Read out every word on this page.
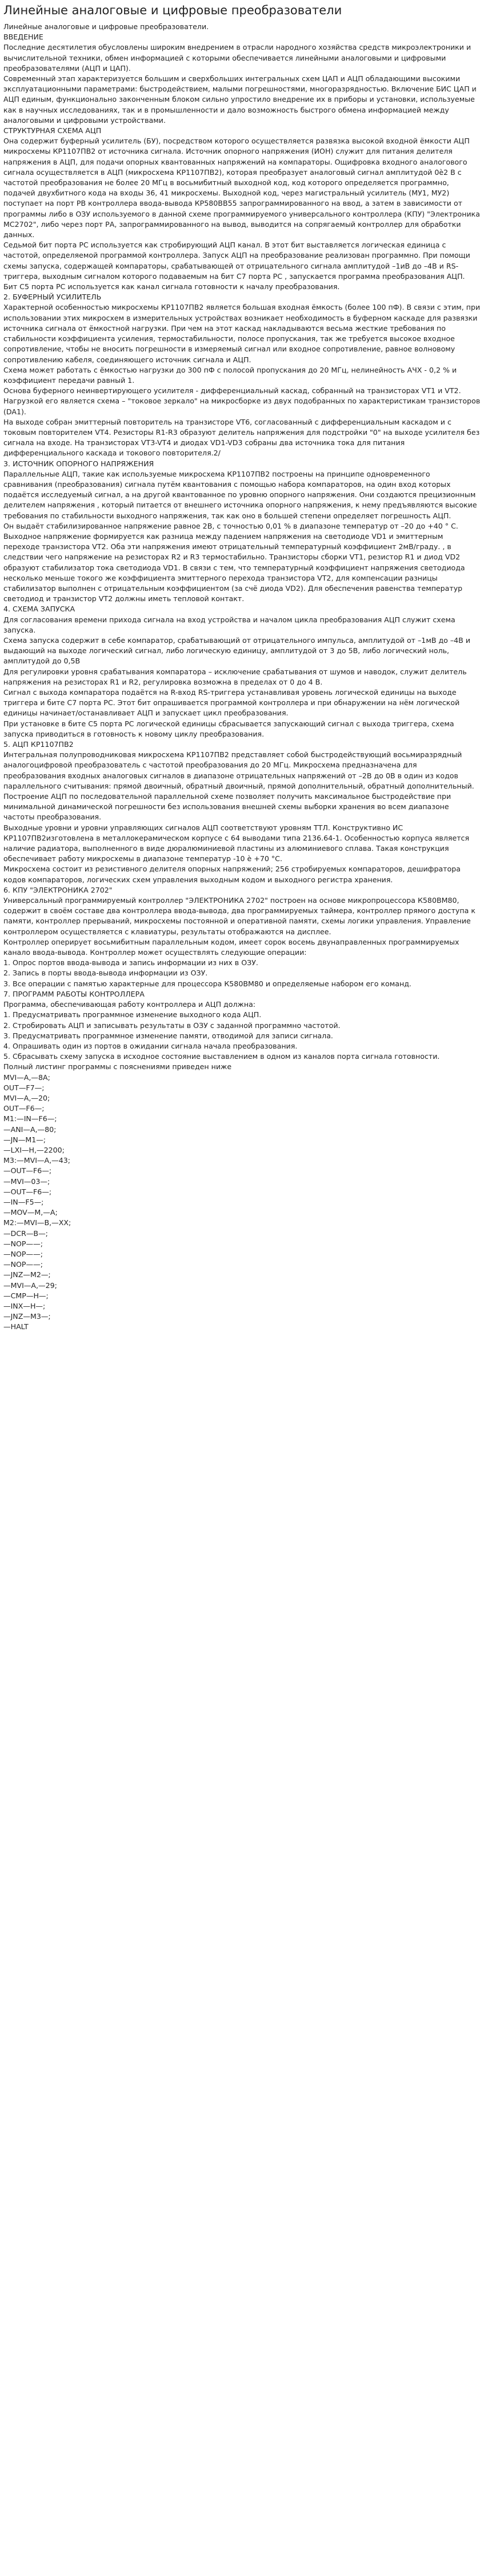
Линейные аналоговые и цифровые преобразователи

Линейные аналоговые и цифровые преобразователи.

ВВЕДЕНИЕ

Последние десятилетия обусловлены широким внедрением в отрасли народного хозяйства средств микроэлектроники и вычислительной техники, обмен информацией с которыми обеспечивается линейными аналоговыми и цифровыми преобразователями (АЦП и ЦАП).

Современный этап характеризуется большим и сверхбольших интегральных схем ЦАП и АЦП обладающими высокими эксплуатационными параметрами: быстродействием, малыми погрешностями, многоразрядностью. Включение БИС ЦАП и АЦП единым, функционально законченным блоком сильно упростило внедрение их в приборы и установки, используемые как в научных исследованиях, так и в промышленности и дало возможность быстрого обмена информацией между аналоговыми и цифровыми устройствами.

СТРУКТУРНАЯ СХЕМА АЦП

Она содержит буферный усилитель (БУ), посредством которого осуществляется развязка высокой входной ёмкости АЦП микросхемы КР1107ПВ2 от источника сигнала. Источник опорного напряжения (ИОН) служит для питания делителя напряжения в АЦП, для подачи опорных квантованных напряжений на компараторы. Ощифровка входного аналогового сигнала осуществляется в АЦП (микросхема КР1107ПВ2), которая преобразует аналоговый сигнал амплитудой 0è2 В с частотой преобразования не более 20 МГц в восьмибитный выходной код, код которого определяется программно, подачей двухбитного кода на входы 36, 41 микросхемы. Выходной код, через магистральный усилитель (МУ1, МУ2) поступает на порт РВ контроллера ввода-вывода КР580ВВ55 запрограммированного на ввод, а затем в зависимости от программы либо в ОЗУ используемого в данной схеме программируемого универсального контроллера (КПУ) "Электроника МС2702", либо через порт РА, запрограммированного на вывод, выводится на сопрягаемый контроллер для обработки данных.

Седьмой бит порта РС используется как стробирующий АЦП канал. В этот бит выставляется логическая единица с частотой, определяемой программой контроллера. Запуск АЦП на преобразование реализован программно. При помощи схемы запуска, содержащей компараторы, срабатывающей от отрицательного сигнала амплитудой –1иВ до –4В и RS-триггера, выходным сигналом которого подаваемым на бит С7 порта РС , запускается программа преобразования АЦП. Бит С5 порта РС используется как канал сигнала готовности к началу преобразования.

2. БУФЕРНЫЙ УСИЛИТЕЛЬ

Характерной особенностью микросхемы КР1107ПВ2 является большая входная ёмкость (более 100 пФ). В связи с этим, при использовании этих микросхем в измерительных устройствах возникает необходимость в буферном каскаде для развязки источника сигнала от ёмкостной нагрузки. При чем на этот каскад накладываются весьма жесткие требования по стабильности коэффициента усиления, термостабильности, полосе пропускания, так же требуется высокое входное сопротивление, чтобы не вносить погрешности в измеряемый сигнал или входное сопротивление, равное волновому сопротивлению кабеля, соединяющего источник сигнала и АЦП.

Схема может работать с ёмкостью нагрузки до 300 пФ с полосой пропускания до 20 МГц, нелинейность АЧХ - 0,2 % и коэффициент передачи равный 1.

Основа буферного неинвертирующего усилителя - дифференциальный каскад, собранный на транзисторах VT1 и VT2. Нагрузкой его является схема – "токовое зеркало" на микросборке из двух подобранных по характеристикам транзисторов (DA1).

На выходе собран эмиттерный повторитель на транзисторе VT6, согласованный с дифференциальным каскадом и с токовым повторителем VT4. Резисторы R1-R3 образуют делитель напряжения для подстройки "0" на выходе усилителя без сигнала на входе. На транзисторах VT3-VT4 и диодах VD1-VD3 собраны два источника тока для питания дифференциального каскада и токового повторителя.2/

3. ИСТОЧНИК ОПОРНОГО НАПРЯЖЕНИЯ

Параллельные АЦП, такие как используемые микросхема КР1107ПВ2 построены на принципе одновременного сравнивания (преобразования) сигнала путём квантования с помощью набора компараторов, на один вход которых подаётся исследуемый сигнал, а на другой квантованное по уровню опорного напряжения. Они создаются прецизионным делителем напряжения , который питается от внешнего источника опорного напряжения, к нему предъявляются высокие требования по стабильности выходного напряжения, так как оно в большей степени определяет погрешность АЦП.

Он выдаёт стабилизированное напряжение равное 2В, с точностью 0,01 % в диапазоне температур от –20 до +40 ° С.

Выходное напряжение формируется как разница между падением напряжения на светодиоде VD1 и эмиттерным переходе транзистора VT2. Оба эти напряжения имеют отрицательный температурный коэффициент 2мВ/граду. , в следствии чего напряжение на резисторах R2 и R3 термостабильно. Транзисторы сборки VT1, резистор R1 и диод VD2 образуют стабилизатор тока светодиода VD1. В связи с тем, что температурный коэффициент напряжения светодиода несколько меньше токого же коэффициента эмиттерного перехода транзистора VT2, для компенсации разницы стабилизатор выполнен с отрицательным коэффициентом (за счё диода VD2). Для обеспечения равенства температур светодиод и транзистор VT2 должны иметь тепловой контакт.

4. СХЕМА ЗАПУСКА

Для согласования времени прихода сигнала на вход устройства и началом цикла преобразования АЦП служит схема запуска.

Схема запуска содержит в себе компаратор, срабатывающий от отрицательного импульса, амплитудой от –1мВ до –4В и выдающий на выходе логический сигнал, либо логическую единицу, амплитудой от 3 до 5В, либо логический ноль, амплитудой до 0,5В

Для регулировки уровня срабатывания компаратора – исключение срабатывания от шумов и наводок, служит делитель напряжения на резисторах R1 и R2, регулировка возможна в пределах от 0 до 4 В.

Сигнал с выхода компаратора подаётся на R-вход RS-триггера устанавливая уровень логической единицы на выходе триггера и бите С7 порта РС. Этот бит опрашивается программой контроллера и при обнаружении на нём логической единицы начинает/останавливает АЦП и запускает цикл преобразования.

При установке в бите С5 порта РС логической единицы сбрасывается запускающий сигнал с выхода триггера, схема запуска приводиться в готовность к новому циклу преобразования.

5. АЦП КР1107ПВ2

Интегральная полупроводниковая микросхема КР1107ПВ2 представляет собой быстродействующий восьмиразрядный аналогоцифровой преобразователь с частотой преобразования до 20 МГц. Микросхема предназначена для преобразования входных аналоговых сигналов в диапазоне отрицательных напряжений от –2В до 0В в один из кодов параллельного считывания: прямой двоичный, обратный двоичный, прямой дополнительный, обратный дополнительный.

Построение АЦП по последовательной параллельной схеме позволяет получить максимальное быстродействие при минимальной динамической погрешности без использования внешней схемы выборки хранения во всем диапазоне частоты преобразования.

Выходные уровни и уровни управляющих сигналов АЦП соответствуют уровням ТТЛ. Конструктивно ИС КР1107ПВ2изготовлена в металлокерамическом корпусе с 64 выводами типа 2136.64-1. Особенностью корпуса является наличие радиатора, выполненного в виде дюралюминиевой пластины из алюминиевого сплава. Такая конструкция обеспечивает работу микросхемы в диапазоне температур -10 è +70 °С.

Микросхема состоит из резистивного делителя опорных напряжений; 256 стробируемых компараторов, дешифратора кодов компараторов, логических схем управления выходным кодом и выходного регистра хранения.

6. КПУ "ЭЛЕКТРОНИКА 2702"

Универсальный программируемый контроллер "ЭЛЕКТРОНИКА 2702" построен на основе микропроцессора К580ВМ80, содержит в своём составе два контроллера ввода-вывода, два программируемых таймера, контроллер прямого доступа к памяти, контроллер прерываний, микросхемы постоянной и оперативной памяти, схемы логики управления. Управление контроллером осуществляется с клавиатуры, результаты отображаются на дисплее.

Контроллер оперирует восьмибитным параллельным кодом, имеет сорок восемь двунаправленных программируемых канало ввода-вывода. Контроллер может осуществлять следующие операции:

1. Опрос портов ввода-вывода и запись информации из них в ОЗУ.

2. Запись в порты ввода-вывода информации из ОЗУ.

3. Все операции с памятью характерные для процессора К580ВМ80 и определяемые набором его команд.

7. ПРОГРАММ РАБОТЫ КОНТРОЛЛЕРА

Программа, обеспечивающая работу контроллера и АЦП должна:

1. Предусматривать программное изменение выходного кода АЦП.

2. Стробировать АЦП и записывать результаты в ОЗУ с заданной программно частотой.

3. Предусматривать программное изменение памяти, отводимой для записи сигнала.

4. Опрашивать один из портов в ожидании сигнала начала преобразования.

5. Сбрасывать схему запуска в исходное состояние выставлением в одном из каналов порта сигнала готовности.

Полный листинг программы с пояснениями приведен ниже

MVI—A,—8A;

OUT—F7—;

MVI—A,—20;

OUT—F6—;

M1:—IN—F6—;

—ANI—A,—80;

—JN—M1—;

—LXI—H,—2200;

M3:—MVI—A,—43;

—OUT—F6—;

—MVI—03—;

—OUT—F6—;

—IN—F5—;

—MOV—M,—A;

M2:—MVI—B,—XX;

—DCR—B—;

—NOP——;

—NOP——;

—NOP——;

—JNZ—M2—;

—MVI—A,—29;

—CMP—H—;

—INX—H—;

—JNZ—M3—;

—HALT
